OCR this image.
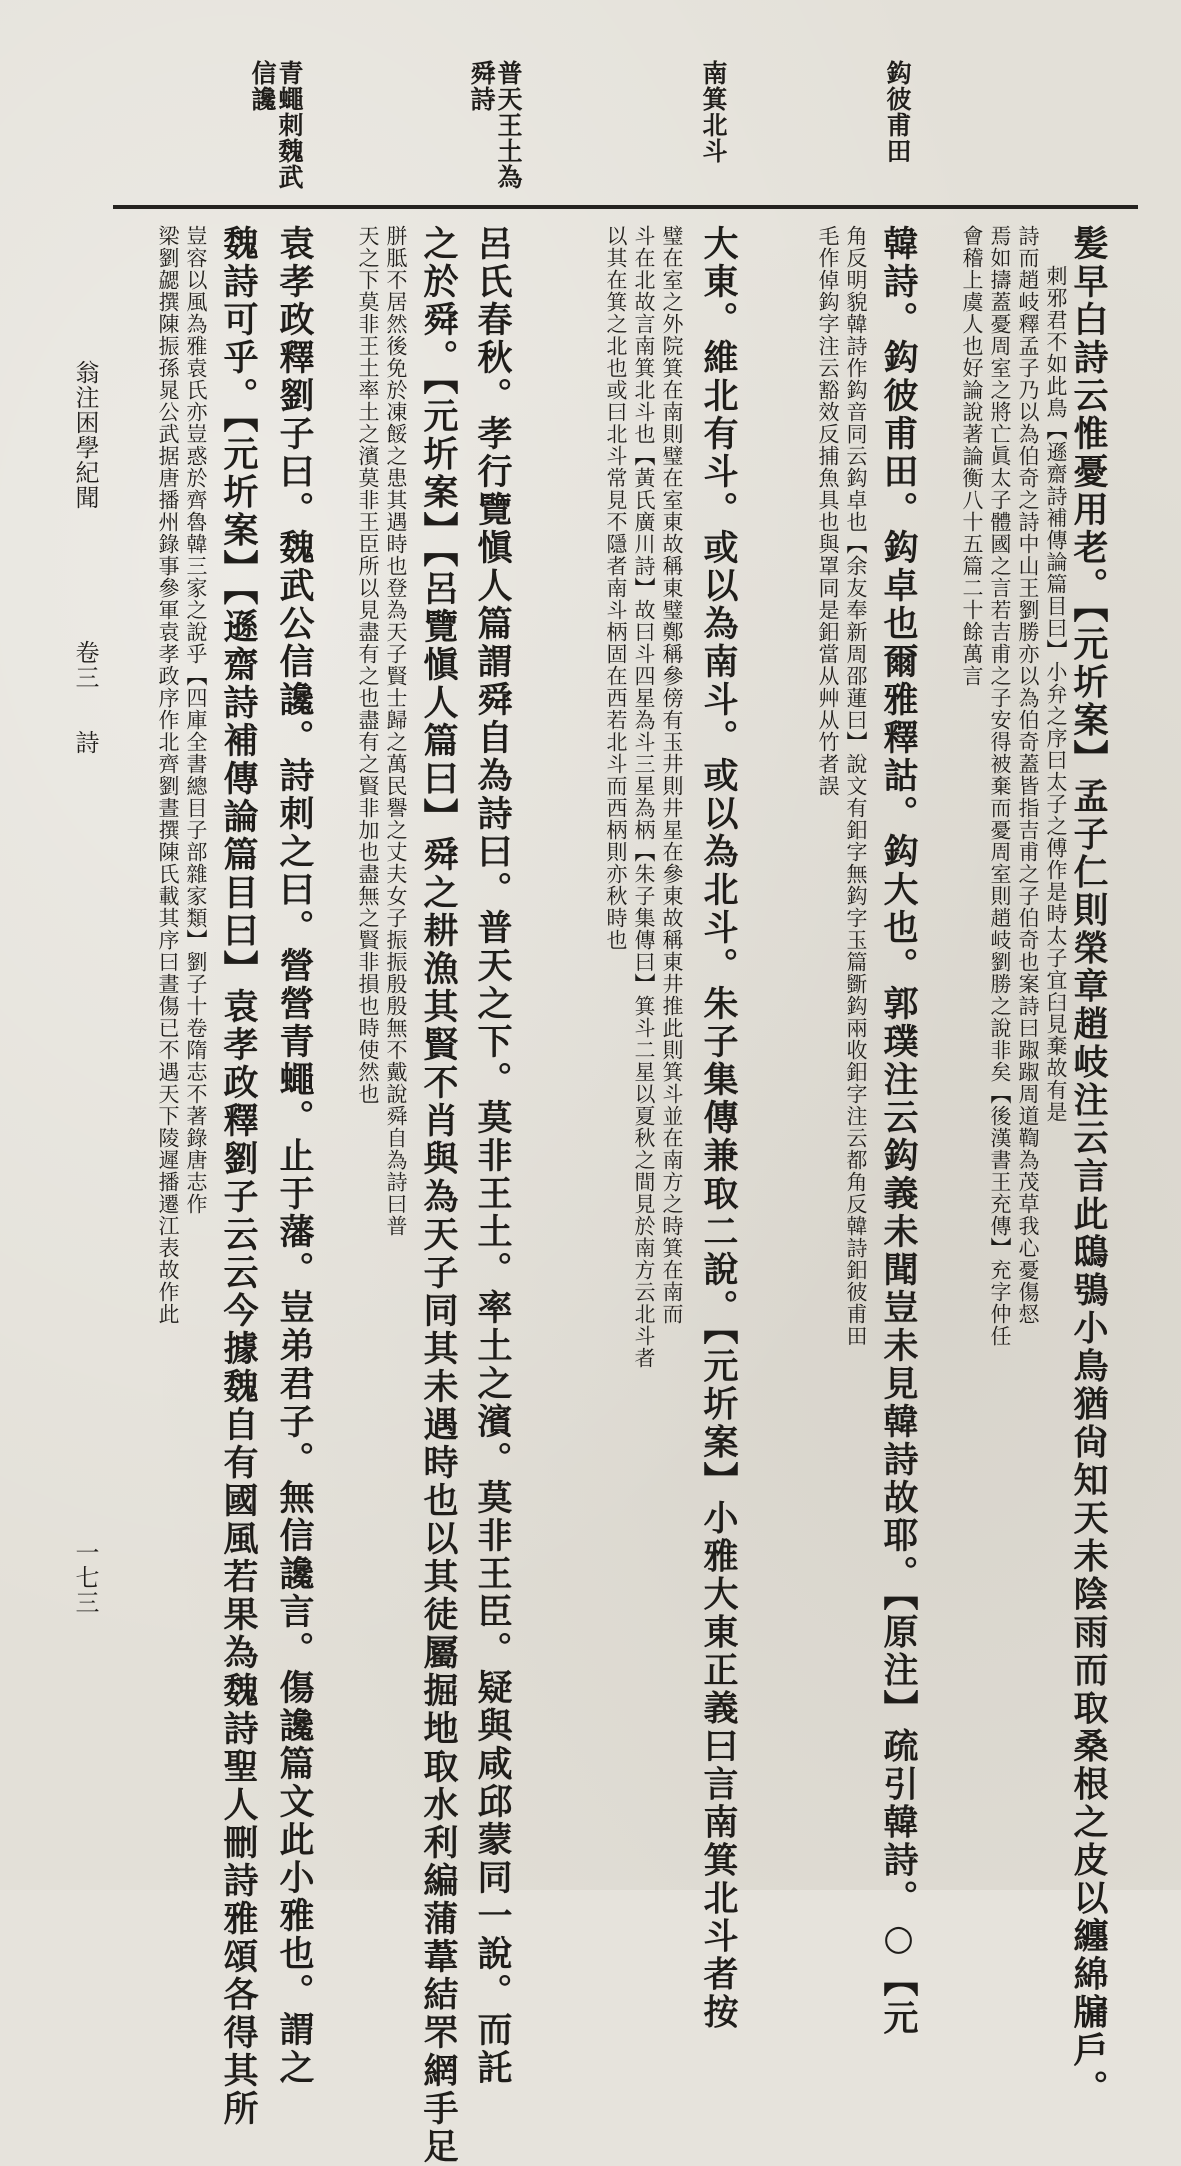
鈎彼甫田
南箕北斗
普天王土為舜詩
青蠅刺魏武信讒
髪早白詩云惟憂用老。【元圻案】孟子仁則榮章趙岐注云言此鴟鴞小鳥猶尙知天未陰雨而取桑根之皮以纏綿牖戶。
刺邪君不如此鳥【遜齋詩補傳論篇目曰】小弁之序曰太子之傅作是時太子宜臼見棄故有是
詩而趙岐釋孟子乃以為伯奇之詩中山王劉勝亦以為伯奇蓋皆指吉甫之子伯奇也案詩曰踧踧周道鞫為茂草我心憂傷惄
焉如擣蓋憂周室之將亡眞太子體國之言若吉甫之子安得被棄而憂周室則趙岐劉勝之說非矣【後漢書王充傳】充字仲任
會稽上虞人也好論說著論衡八十五篇二十餘萬言
韓詩。鈎彼甫田。鈎卓也爾雅釋詁。鈎大也。郭璞注云鈎義未聞豈未見韓詩故耶。【原注】疏引韓詩。○【元
角反明貌韓詩作鈎音同云鈎卓也【余友奉新周邵蓮曰】說文有鈤字無鈎字玉篇斵鈎兩收鈤字注云都角反韓詩鈤彼甫田
毛作倬鈎字注云豁效反捕魚具也與罩同是鈤當从艸从竹者誤
大東。維北有斗。或以為南斗。或以為北斗。朱子集傳兼取二說。【元圻案】小雅大東正義曰言南箕北斗者按
璧在室之外院箕在南則璧在室東故稱東璧鄭稱參傍有玉井則井星在參東故稱東井推此則箕斗並在南方之時箕在南而
斗在北故言南箕北斗也【黃氏廣川詩】故曰斗四星為斗三星為柄【朱子集傳曰】箕斗二星以夏秋之間見於南方云北斗者
以其在箕之北也或曰北斗常見不隱者南斗柄固在西若北斗而西柄則亦秋時也
呂氏春秋。孝行覽愼人篇謂舜自為詩曰。普天之下。莫非王土。率土之濱。莫非王臣。疑與咸邱蒙同一說。而託
之於舜。【元圻案】【呂覽愼人篇曰】舜之耕漁其賢不肖與為天子同其未遇時也以其徒屬掘地取水利編蒲葦結罘網手足
胼胝不居然後免於凍餒之患其遇時也登為天子賢士歸之萬民譽之丈夫女子振振殷殷無不戴說舜自為詩曰普
天之下莫非王土率土之濱莫非王臣所以見盡有之也盡有之賢非加也盡無之賢非損也時使然也
袁孝政釋劉子曰。魏武公信讒。詩刺之曰。營營青蠅。止于藩。豈弟君子。無信讒言。傷讒篇文此小雅也。謂之
魏詩可乎。【元圻案】【遜齋詩補傳論篇目曰】袁孝政釋劉子云云今據魏自有國風若果為魏詩聖人刪詩雅頌各得其所
豈容以風為雅袁氏亦豈惑於齊魯韓三家之說乎【四庫全書總目子部雜家類】劉子十卷隋志不著錄唐志作
梁劉勰撰陳振孫晁公武据唐播州錄事參軍袁孝政序作北齊劉晝撰陳氏載其序曰晝傷已不遇天下陵遲播遷江表故作此
翁注困學紀聞
卷三
詩
一七三
